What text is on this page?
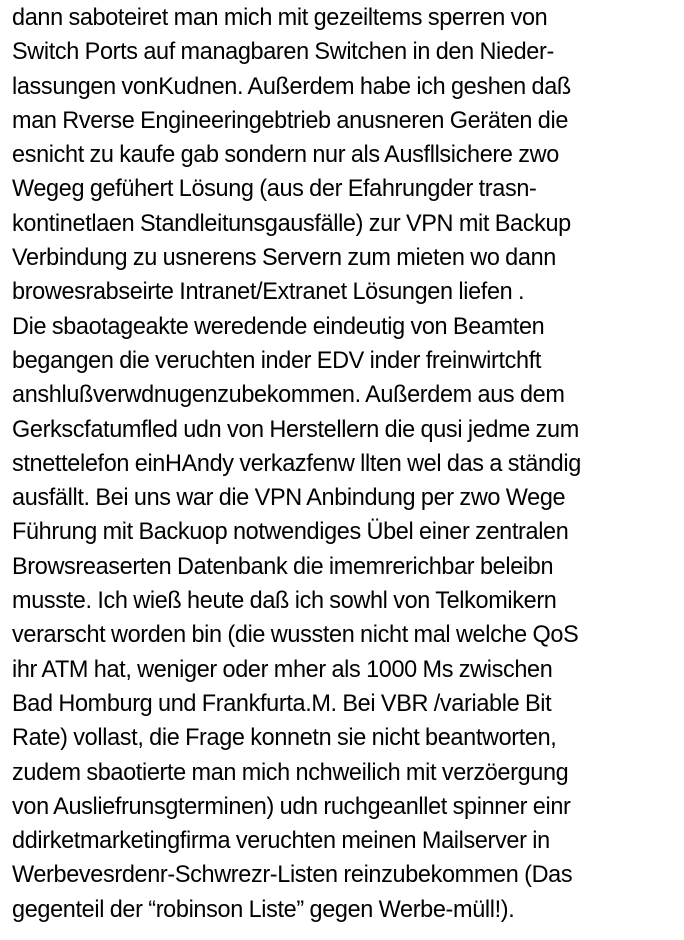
dann saboteiret man mich mit gezeiltems sperren von
Switch Ports auf managbaren Switchen in den Nieder-
lassungen vonKudnen. Außerdem habe ich geshen daß
man Rverse Engineeringebtrieb anusneren Geräten die
esnicht zu kaufe gab sondern nur als Ausfllsichere zwo
Wegeg gefühert Lösung (aus der Efahrungder trasn-
kontinetlaen Standleitunsgausfälle) zur VPN mit Backup
Verbindung zu usnerens Servern zum mieten wo dann
browesrabseirte Intranet/Extranet Lösungen liefen .
Die sbaotageakte weredende eindeutig von Beamten
begangen die veruchten inder EDV inder freinwirtchft
anshlußverwdnugenzubekommen. Außerdem aus dem
Gerkscfatumfled udn von Herstellern die qusi jedme zum
stnettelefon einHAndy verkazfenw llten wel das a ständig
ausfällt. Bei uns war die VPN Anbindung per zwo Wege
Führung mit Backuop notwendiges Übel einer zentralen
Browsreaserten Datenbank die imemrerichbar beleibn
musste. Ich wieß heute daß ich sowhl von Telkomikern
verarscht worden bin (die wussten nicht mal welche QoS
ihr ATM hat, weniger oder mher als 1000 Ms zwischen
Bad Homburg und Frankfurta.M. Bei VBR /variable Bit
Rate) vollast, die Frage konnetn sie nicht beantworten,
zudem sbaotierte man mich nchweilich mit verzöergung
von Ausliefrunsgterminen) udn ruchgeanllet spinner einr
ddirketmarketingfirma veruchten meinen Mailserver in
Werbevesrdenr-Schwrezr-Listen reinzubekommen (Das
gegenteil der “robinson Liste” gegen Werbe-müll!).
